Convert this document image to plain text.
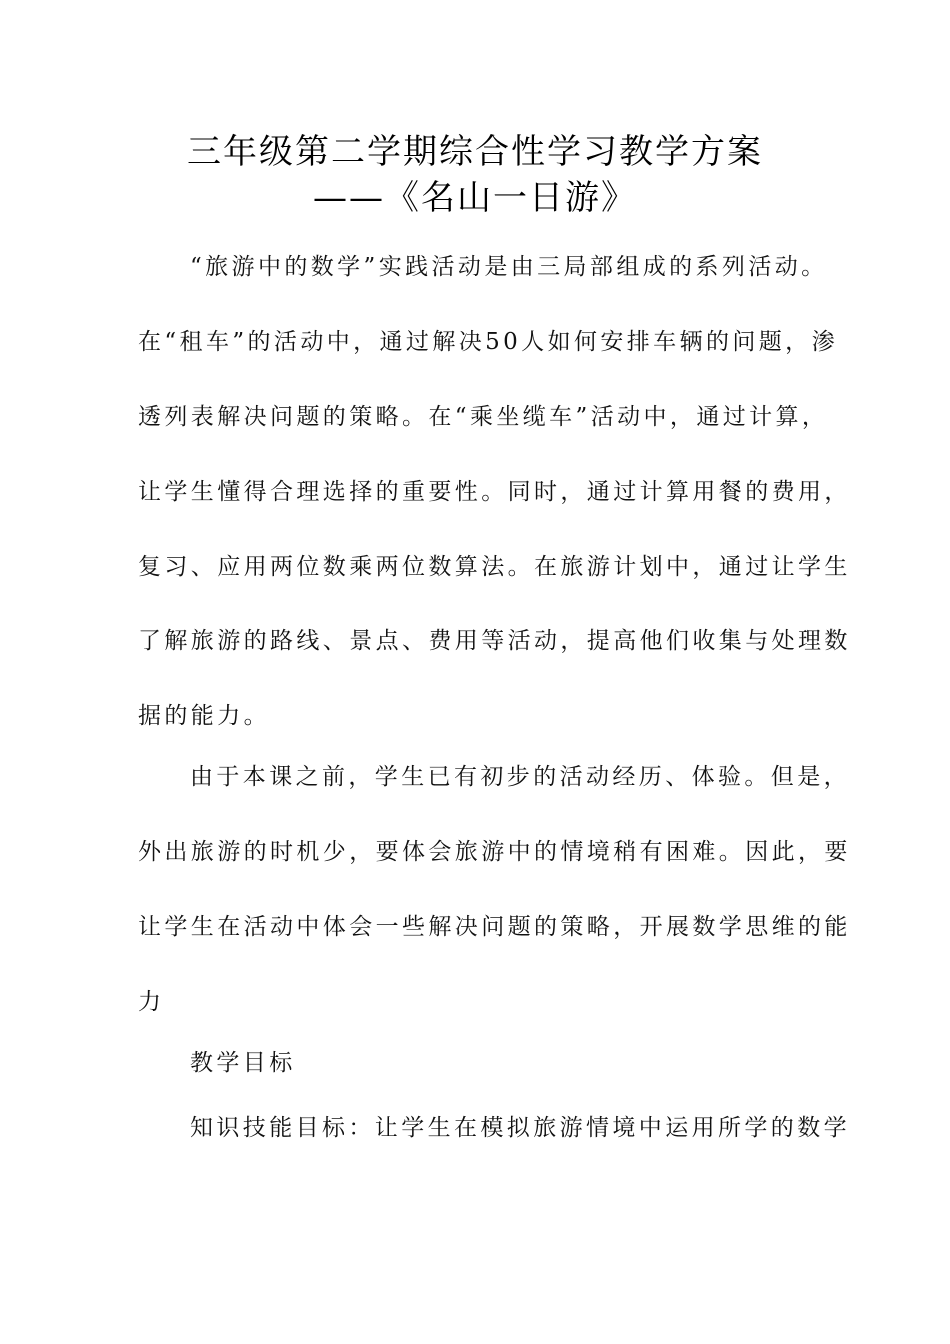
三年级第二学期综合性学习教学方案
——《名山一日游》
“旅游中的数学”实践活动是由三局部组成的系列活动。
在“租车”的活动中，通过解决50人如何安排车辆的问题，渗
透列表解决问题的策略。在“乘坐缆车”活动中，通过计算，
让学生懂得合理选择的重要性。同时，通过计算用餐的费用，
复习、应用两位数乘两位数算法。在旅游计划中，通过让学生
了解旅游的路线、景点、费用等活动，提高他们收集与处理数
据的能力。
由于本课之前，学生已有初步的活动经历、体验。但是，
外出旅游的时机少，要体会旅游中的情境稍有困难。因此，要
让学生在活动中体会一些解决问题的策略，开展数学思维的能
力
教学目标
知识技能目标：让学生在模拟旅游情境中运用所学的数学
